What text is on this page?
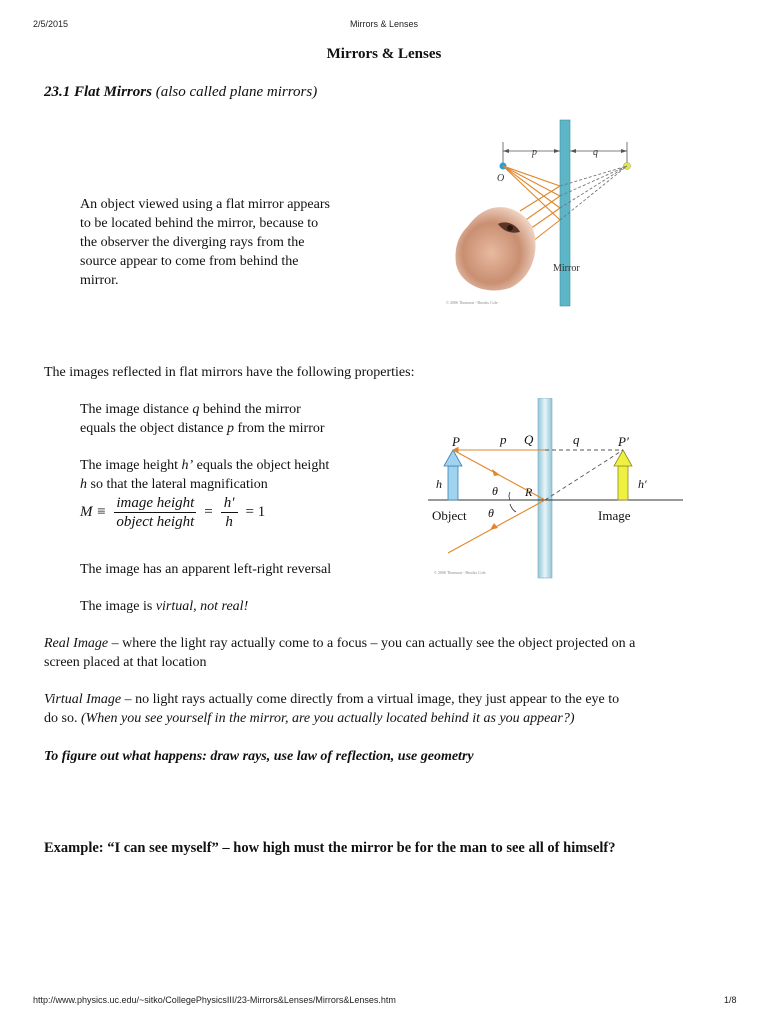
2/5/2015	Mirrors & Lenses
Mirrors & Lenses
23.1 Flat Mirrors (also called plane mirrors)
An object viewed using a flat mirror appears
to be located behind the mirror, because to
the observer the diverging rays from the
source appear to come from behind the
mirror.
p	q
O
Mirror
© 2006 Thomson - Brooks Cole
The images reflected in flat mirrors have the following properties:
The image distance q behind the mirror
equals the object distance p from the mirror
The image height h’ equals the object height
h so that the lateral magnification
M ≡
image height
object height
= $\frac{h'}{h} = 1$
The image has an apparent left-right reversal
The image is virtual, not real!
P	p Q	q	P′
h	h′
R
θ
θ
Object	Image
© 2006 Thomson - Brooks Cole
Real Image – where the light ray actually come to a focus – you can actually see the object projected on a
screen placed at that location
Virtual Image – no light rays actually come directly from a virtual image, they just appear to the eye to
do so. (When you see yourself in the mirror, are you actually located behind it as you appear?)
To figure out what happens: draw rays, use law of reflection, use geometry
Example: “I can see myself” – how high must the mirror be for the man to see all of himself?
http://www.physics.uc.edu/~sitko/CollegePhysicsIII/23-Mirrors&Lenses/Mirrors&Lenses.htm	1/8
